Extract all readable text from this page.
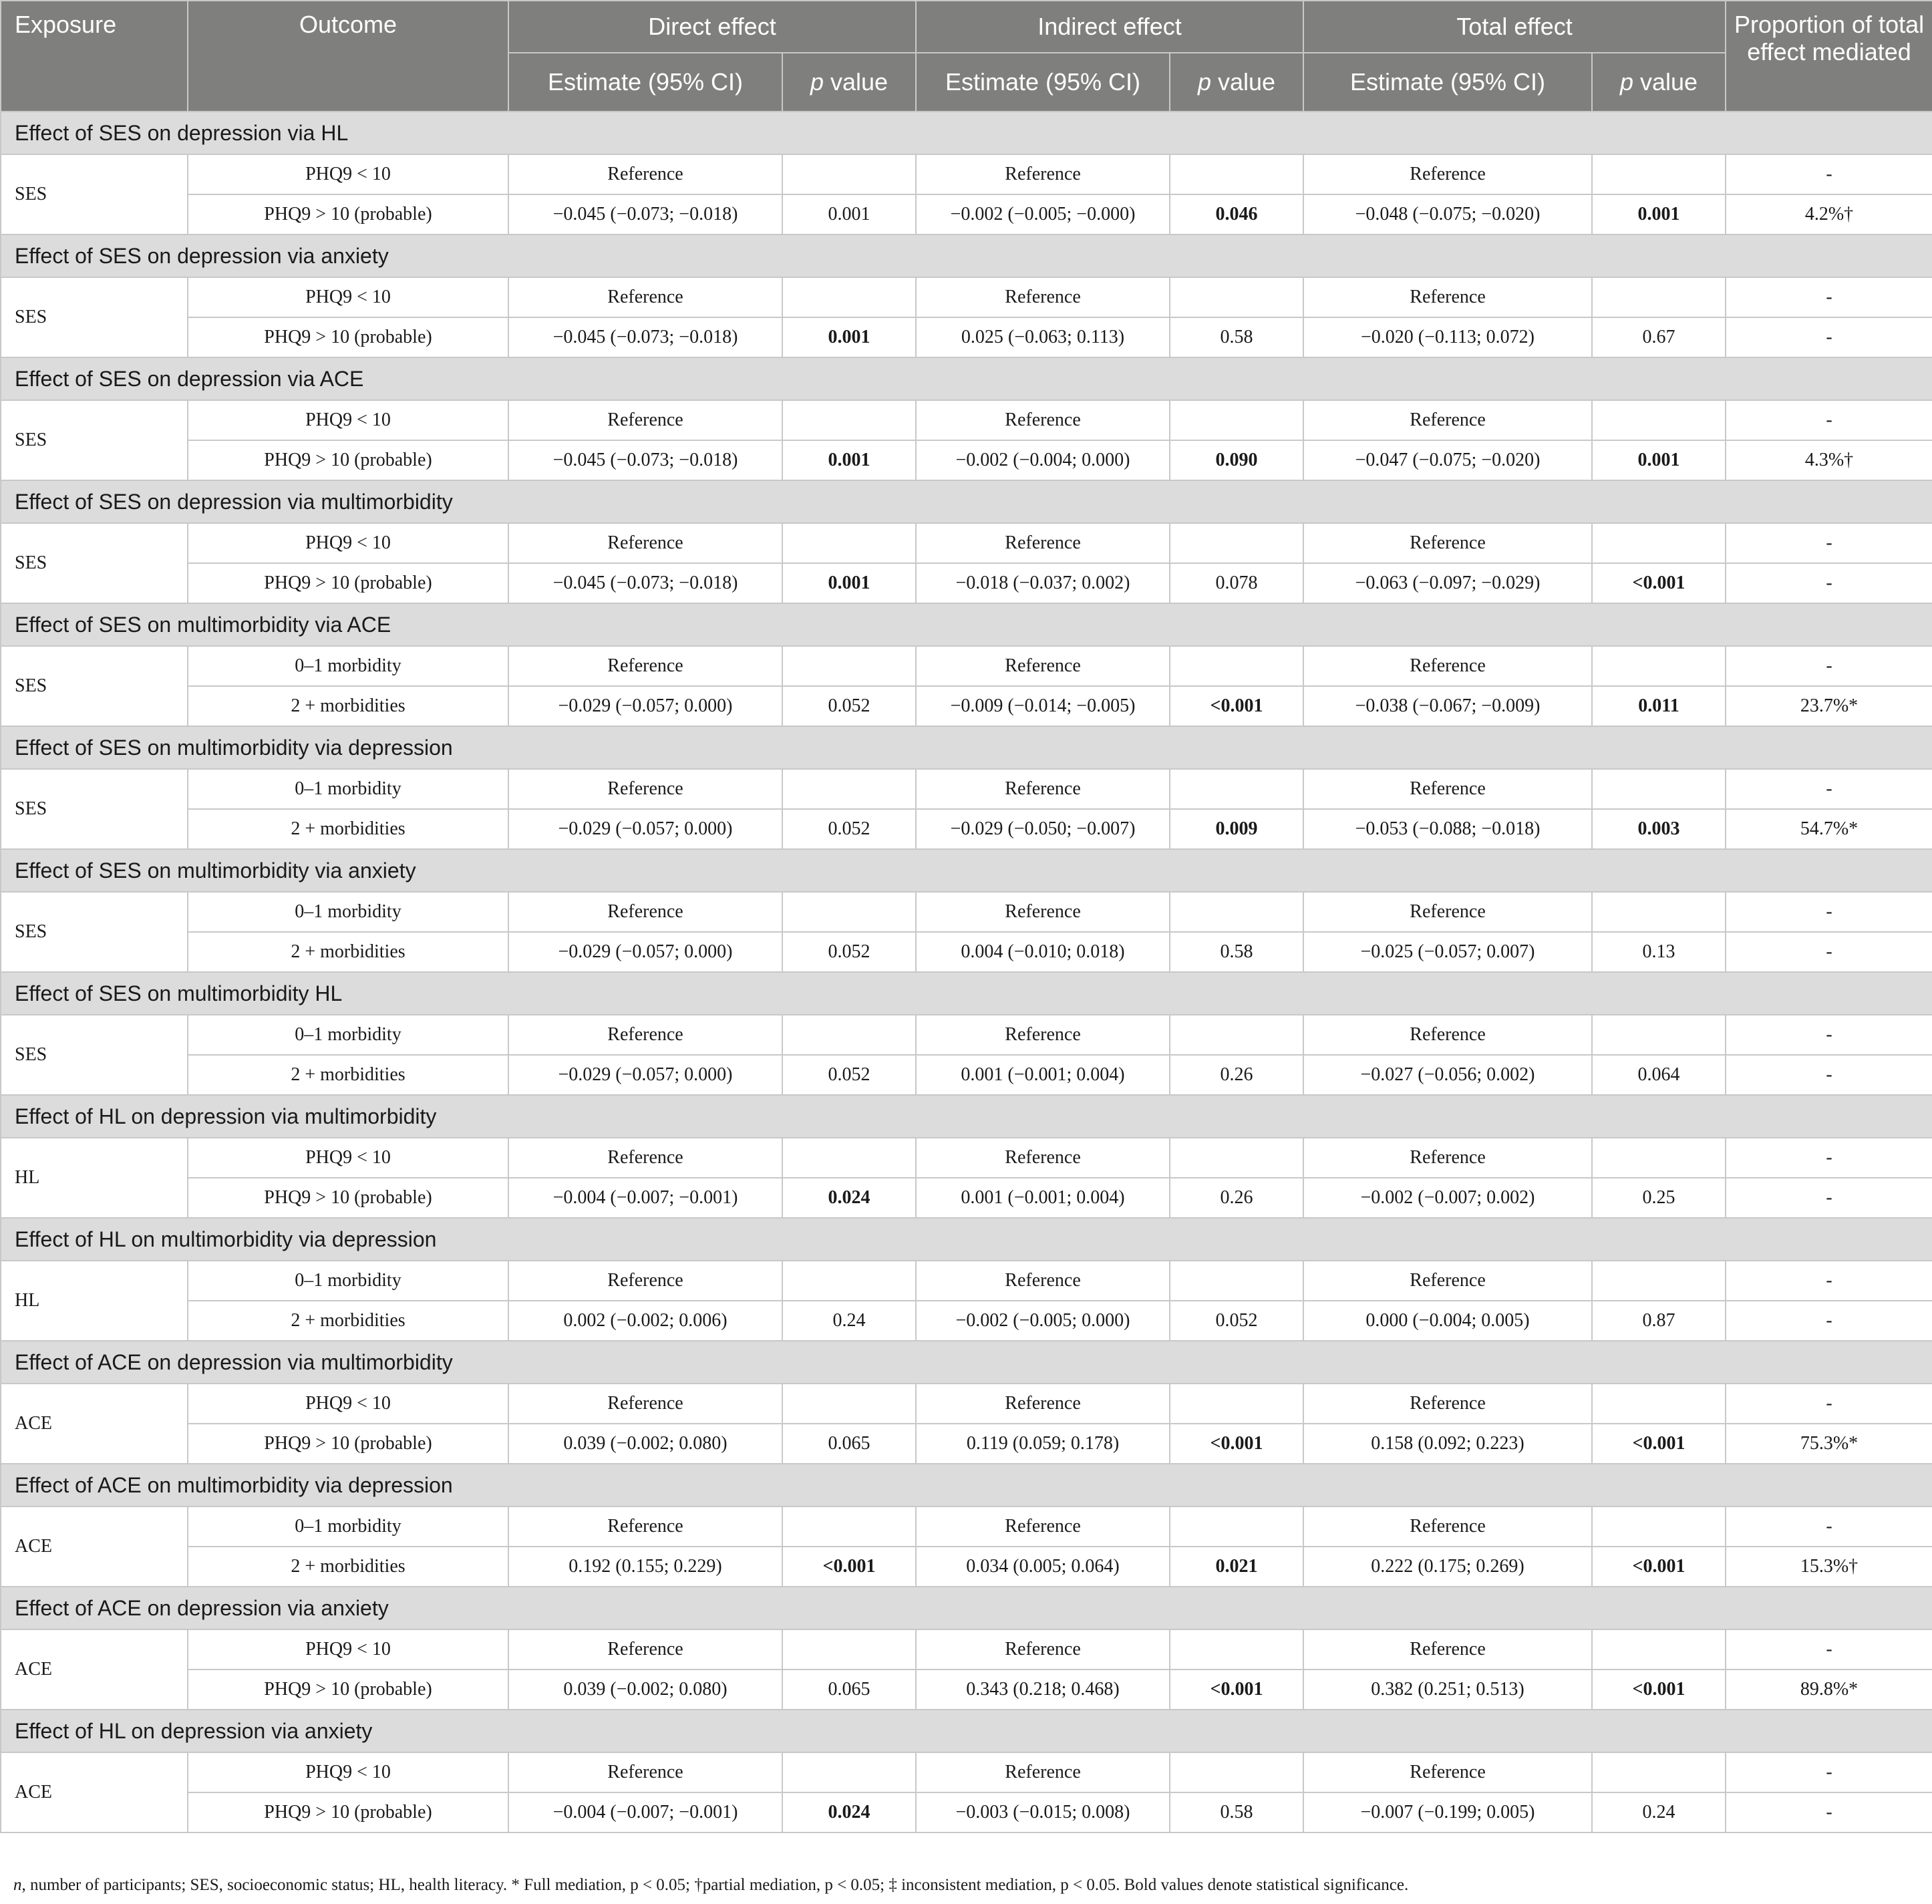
Exposure	Outcome	Direct effect		Indirect effect		Total effect		Proportion of total effect mediated
		Estimate (95% CI)	p value	Estimate (95% CI)	p value	Estimate (95% CI)	p value	
Effect of SES on depression via HL								
SES	PHQ9 < 10	Reference		Reference		Reference		-
	PHQ9 > 10 (probable)	−0.045 (−0.073; −0.018)	0.001	−0.002 (−0.005; −0.000)	0.046	−0.048 (−0.075; −0.020)	0.001	4.2%†
Effect of SES on depression via anxiety								
SES	PHQ9 < 10	Reference		Reference		Reference		-
	PHQ9 > 10 (probable)	−0.045 (−0.073; −0.018)	0.001	0.025 (−0.063; 0.113)	0.58	−0.020 (−0.113; 0.072)	0.67	-
Effect of SES on depression via ACE								
SES	PHQ9 < 10	Reference		Reference		Reference		-
	PHQ9 > 10 (probable)	−0.045 (−0.073; −0.018)	0.001	−0.002 (−0.004; 0.000)	0.090	−0.047 (−0.075; −0.020)	0.001	4.3%†
Effect of SES on depression via multimorbidity								
SES	PHQ9 < 10	Reference		Reference		Reference		-
	PHQ9 > 10 (probable)	−0.045 (−0.073; −0.018)	0.001	−0.018 (−0.037; 0.002)	0.078	−0.063 (−0.097; −0.029)	<0.001	-
Effect of SES on multimorbidity via ACE								
SES	0–1 morbidity	Reference		Reference		Reference		-
	2 + morbidities	−0.029 (−0.057; 0.000)	0.052	−0.009 (−0.014; −0.005)	<0.001	−0.038 (−0.067; −0.009)	0.011	23.7%*
Effect of SES on multimorbidity via depression								
SES	0–1 morbidity	Reference		Reference		Reference		-
	2 + morbidities	−0.029 (−0.057; 0.000)	0.052	−0.029 (−0.050; −0.007)	0.009	−0.053 (−0.088; −0.018)	0.003	54.7%*
Effect of SES on multimorbidity via anxiety								
SES	0–1 morbidity	Reference		Reference		Reference		-
	2 + morbidities	−0.029 (−0.057; 0.000)	0.052	0.004 (−0.010; 0.018)	0.58	−0.025 (−0.057; 0.007)	0.13	-
Effect of SES on multimorbidity HL								
SES	0–1 morbidity	Reference		Reference		Reference		-
	2 + morbidities	−0.029 (−0.057; 0.000)	0.052	0.001 (−0.001; 0.004)	0.26	−0.027 (−0.056; 0.002)	0.064	-
Effect of HL on depression via multimorbidity								
HL	PHQ9 < 10	Reference		Reference		Reference		-
	PHQ9 > 10 (probable)	−0.004 (−0.007; −0.001)	0.024	0.001 (−0.001; 0.004)	0.26	−0.002 (−0.007; 0.002)	0.25	-
Effect of HL on multimorbidity via depression								
HL	0–1 morbidity	Reference		Reference		Reference		-
	2 + morbidities	0.002 (−0.002; 0.006)	0.24	−0.002 (−0.005; 0.000)	0.052	0.000 (−0.004; 0.005)	0.87	-
Effect of ACE on depression via multimorbidity								
ACE	PHQ9 < 10	Reference		Reference		Reference		-
	PHQ9 > 10 (probable)	0.039 (−0.002; 0.080)	0.065	0.119 (0.059; 0.178)	<0.001	0.158 (0.092; 0.223)	<0.001	75.3%*
Effect of ACE on multimorbidity via depression								
ACE	0–1 morbidity	Reference		Reference		Reference		-
	2 + morbidities	0.192 (0.155; 0.229)	<0.001	0.034 (0.005; 0.064)	0.021	0.222 (0.175; 0.269)	<0.001	15.3%†
Effect of ACE on depression via anxiety								
ACE	PHQ9 < 10	Reference		Reference		Reference		-
	PHQ9 > 10 (probable)	0.039 (−0.002; 0.080)	0.065	0.343 (0.218; 0.468)	<0.001	0.382 (0.251; 0.513)	<0.001	89.8%*
Effect of HL on depression via anxiety								
ACE	PHQ9 < 10	Reference		Reference		Reference		-
	PHQ9 > 10 (probable)	−0.004 (−0.007; −0.001)	0.024	−0.003 (−0.015; 0.008)	0.58	−0.007 (−0.199; 0.005)	0.24	-
n, number of participants; SES, socioeconomic status; HL, health literacy. * Full mediation, p < 0.05; †partial mediation, p < 0.05; ‡ inconsistent mediation, p < 0.05. Bold values denote statistical significance.
